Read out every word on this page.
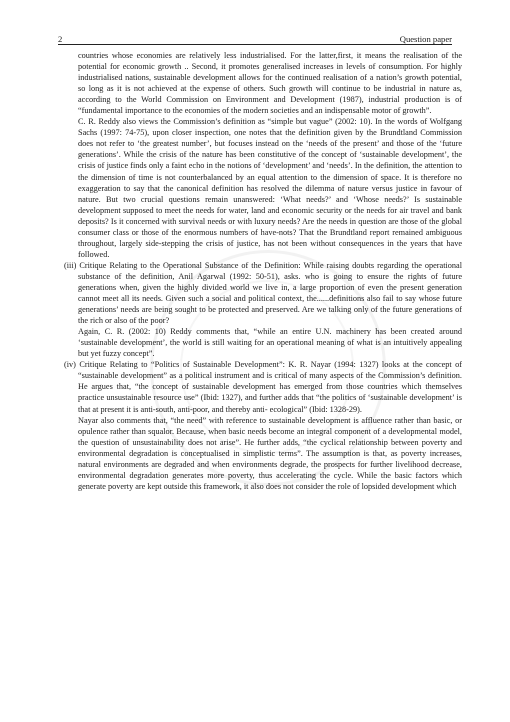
2	Question paper

countries whose economies are relatively less industrialised. For the latter,first, it means the realisation of the potential for economic growth .. Second, it promotes generalised increases in levels of consumption. For highly industrialised nations, sustainable development allows for the continued realisation of a nation’s growth potential, so long as it is not achieved at the expense of others. Such growth will continue to be industrial in nature as, according to the World Commission on Environment and Development (1987), industrial production is of “fundamental importance to the economies of the modern societies and an indispensable motor of growth”.

C. R. Reddy also views the Commission’s definition as “simple but vague” (2002: 10). In the words of Wolfgang Sachs (1997: 74-75), upon closer inspection, one notes that the definition given by the Brundtland Commission does not refer to ‘the greatest number’, but focuses instead on the ‘needs of the present’ and those of the ‘future generations’. While the crisis of the nature has been constitutive of the concept of ‘sustainable development’, the crisis of justice finds only a faint echo in the notions of ‘development’ and ‘needs’. In the definition, the attention to the dimension of time is not counterbalanced by an equal attention to the dimension of space. It is therefore no exaggeration to say that the canonical definition has resolved the dilemma of nature versus justice in favour of nature. But two crucial questions remain unanswered: ‘What needs?’ and ‘Whose needs?’ Is sustainable development supposed to meet the needs for water, land and economic security or the needs for air travel and bank deposits? Is it concerned with survival needs or with luxury needs? Are the needs in question are those of the global consumer class or those of the enormous numbers of have-nots? That the Brundtland report remained ambiguous throughout, largely side-stepping the crisis of justice, has not been without consequences in the years that have followed.

(iii) Critique Relating to the Operational Substance of the Definition: While raising doubts regarding the operational substance of the definition, Anil Agarwal (1992: 50-51), asks. who is going to ensure the rights of future generations when, given the highly divided world we live in, a large proportion of even the present generation cannot meet all its needs. Given such a social and political context, the......definitions also fail to say whose future generations’ needs are being sought to be protected and preserved. Are we talking only of the future generations of the rich or also of the poor?

Again, C. R. (2002: 10) Reddy comments that, “while an entire U.N. machinery has been created around ‘sustainable development’, the world is still waiting for an operational meaning of what is an intuitively appealing but yet fuzzy concept”.

(iv) Critique Relating to “Politics of Sustainable Development”: K. R. Nayar (1994: 1327) looks at the concept of “sustainable development” as a political instrument and is critical of many aspects of the Commission’s definition. He argues that, “the concept of sustainable development has emerged from those countries which themselves practice unsustainable resource use” (Ibid: 1327), and further adds that “the politics of ‘sustainable development’ is that at present it is anti-south, anti-poor, and thereby anti- ecological” (Ibid: 1328-29).

Nayar also comments that, “the need” with reference to sustainable development is affluence rather than basic, or opulence rather than squalor. Because, when basic needs become an integral component of a developmental model, the question of unsustainability does not arise”. He further adds, “the cyclical relationship between poverty and environmental degradation is conceptualised in simplistic terms”. The assumption is that, as poverty increases, natural environments are degraded and when environments degrade, the prospects for further livelihood decrease, environmental degradation generates more poverty, thus accelerating the cycle. While the basic factors which generate poverty are kept outside this framework, it also does not consider the role of lopsided development which
